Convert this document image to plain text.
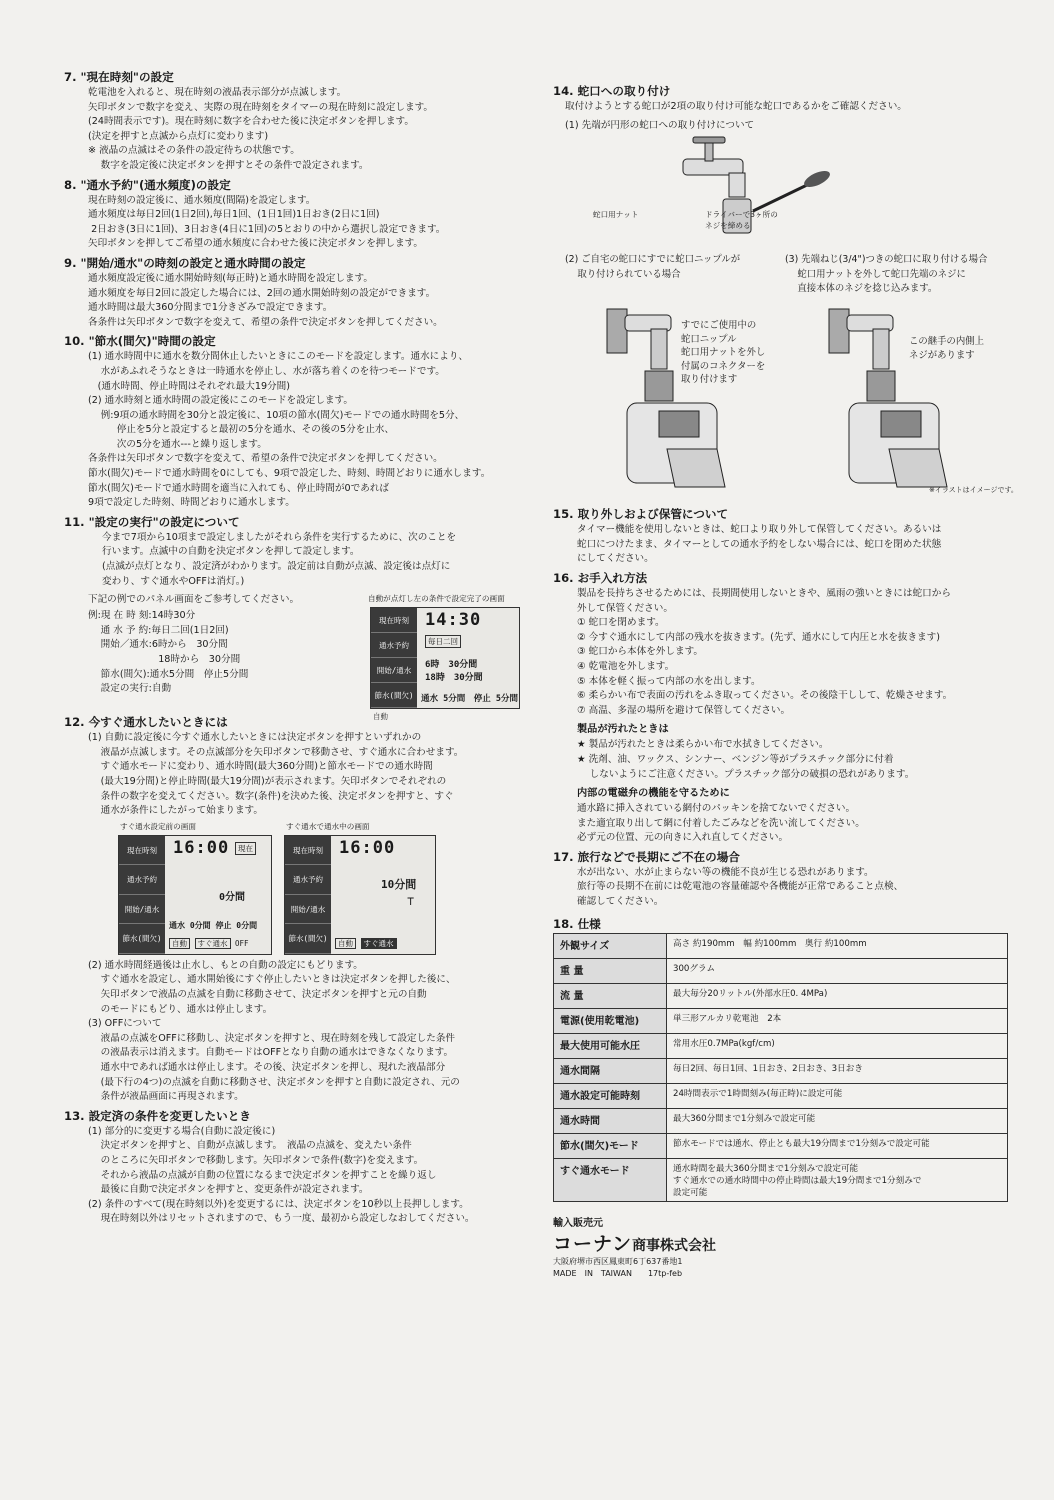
7. "現在時刻"の設定
乾電池を入れると、現在時刻の液晶表示部分が点滅します。
矢印ボタンで数字を変え、実際の現在時刻をタイマーの現在時刻に設定します。
(24時間表示です)。現在時刻に数字を合わせた後に決定ボタンを押します。
(決定を押すと点滅から点灯に変わります)
※ 液晶の点滅はその条件の設定待ちの状態です。
　 数字を設定後に決定ボタンを押すとその条件で設定されます。
8. "通水予約"(通水頻度)の設定
現在時刻の設定後に、通水頻度(間隔)を設定します。
通水頻度は毎日2回(1日2回),毎日1回、(1日1回)1日おき(2日に1回)
2日おき(3日に1回)、3日おき(4日に1回)の5とおりの中から選択し設定できます。
矢印ボタンを押してご希望の通水頻度に合わせた後に決定ボタンを押します。
9. "開始/通水"の時刻の設定と通水時間の設定
通水頻度設定後に通水開始時刻(毎正時)と通水時間を設定します。
通水頻度を毎日2回に設定した場合には、2回の通水開始時刻の設定ができます。
通水時間は最大360分間まで1分きざみで設定できます。
各条件は矢印ボタンで数字を変えて、希望の条件で決定ボタンを押してください。
10. "節水(間欠)"時間の設定
(1) 通水時間中に通水を数分間休止したいときにこのモードを設定します。通水により、
　 水があふれそうなときは一時通水を停止し、水が落ち着くのを待つモードです。
　(通水時間、停止時間はそれぞれ最大19分間)
(2) 通水時刻と通水時間の設定後にこのモードを設定します。
　 例:9項の通水時間を30分と設定後に、10項の節水(間欠)モードでの通水時間を5分、
　　　停止を5分と設定すると最初の5分を通水、その後の5分を止水、
　　　次の5分を通水---と繰り返します。
各条件は矢印ボタンで数字を変えて、希望の条件で決定ボタンを押してください。
節水(間欠)モードで通水時間を0にしても、9項で設定した、時刻、時間どおりに通水します。
節水(間欠)モードで通水時間を適当に入れても、停止時間が0であれば
9項で設定した時刻、時間どおりに通水します。
11. "設定の実行"の設定について
今まで7項から10項まで設定しましたがそれら条件を実行するために、次のことを
行います。点滅中の自動を決定ボタンを押して設定します。
(点滅が点灯となり、設定済がわかります。設定前は自動が点滅、設定後は点灯に
変わり、すぐ通水やOFFは消灯。)
下記の例でのパネル画面をご参考してください。
例:現 在 時 刻:14時30分
　 通 水 予 約:毎日二回(1日2回)
　 開始／通水:6時から　30分間
　　　　　　　 18時から　30分間
　 節水(間欠):通水5分間　停止5分間
　 設定の実行:自動
自動が点灯し左の条件で設定完了の画面
現在時刻
通水予約
開始/通水
節水(間欠)
14:30
毎日二回
6時　30分間
18時　30分間
通水 5分間　停止 5分間
自動
12. 今すぐ通水したいときには
(1) 自動に設定後に今すぐ通水したいときには決定ボタンを押すといずれかの
　 液晶が点滅します。その点滅部分を矢印ボタンで移動させ、すぐ通水に合わせます。
　 すぐ通水モードに変わり、通水時間(最大360分間)と節水モードでの通水時間
　 (最大19分間)と停止時間(最大19分間)が表示されます。矢印ボタンでそれぞれの
　 条件の数字を変えてください。数字(条件)を決めた後、決定ボタンを押すと、すぐ
　 通水が条件にしたがって始まります。
すぐ通水設定前の画面	すぐ通水で通水中の画面
現在時刻
通水予約
開始/通水
節水(間欠)
16:00	現在
0分間
通水 0分間 停止 0分間
自動 すぐ通水 OFF
現在時刻
通水予約
開始/通水
節水(間欠)
16:00
10分間
⊤
自動 すぐ通水
(2) 通水時間経過後は止水し、もとの自動の設定にもどります。
　 すぐ通水を設定し、通水開始後にすぐ停止したいときは決定ボタンを押した後に、
　 矢印ボタンで液晶の点滅を自動に移動させて、決定ボタンを押すと元の自動
　 のモードにもどり、通水は停止します。
(3) OFFについて
　 液晶の点滅をOFFに移動し、決定ボタンを押すと、現在時刻を残して設定した条件
　 の液晶表示は消えます。自動モードはOFFとなり自動の通水はできなくなります。
　 通水中であれば通水は停止します。その後、決定ボタンを押し、現れた液晶部分
　 (最下行の4つ)の点滅を自動に移動させ、決定ボタンを押すと自動に設定され、元の
　 条件が液晶画面に再現されます。
13. 設定済の条件を変更したいとき
(1) 部分的に変更する場合(自動に設定後に)
　 決定ボタンを押すと、自動が点滅します。　液晶の点滅を、変えたい条件
　 のところに矢印ボタンで移動します。矢印ボタンで条件(数字)を変えます。
　 それから液晶の点滅が自動の位置になるまで決定ボタンを押すことを繰り返し
　 最後に自動で決定ボタンを押すと、変更条件が設定されます。
(2) 条件のすべて(現在時刻以外)を変更するには、決定ボタンを10秒以上長押しします。
　 現在時刻以外はリセットされますので、もう一度、最初から設定しなおしてください。
14. 蛇口への取り付け
取付けようとする蛇口が2項の取り付け可能な蛇口であるかをご確認ください。
(1) 先端が円形の蛇口への取り付けについて
蛇口用ナット	ドライバーで3ヶ所の
ネジを締める
(2) ご自宅の蛇口にすでに蛇口ニップルが
　 取り付けられている場合
(3) 先端ねじ(3/4")つきの蛇口に取り付ける場合
　 蛇口用ナットを外して蛇口先端のネジに
　 直接本体のネジを捻じ込みます。
すでにご使用中の
蛇口ニップル
蛇口用ナットを外し
付属のコネクターを
取り付けます
この継手の内側上
ネジがあります
※イラストはイメージです。
15. 取り外しおよび保管について
タイマー機能を使用しないときは、蛇口より取り外して保管してください。あるいは
蛇口につけたまま、タイマーとしての通水予約をしない場合には、蛇口を閉めた状態
にしてください。
16. お手入れ方法
製品を長持ちさせるためには、長期間使用しないときや、風雨の強いときには蛇口から
外して保管ください。
① 蛇口を閉めます。
② 今すぐ通水にして内部の残水を抜きます。(先ず、通水にして内圧と水を抜きます)
③ 蛇口から本体を外します。
④ 乾電池を外します。
⑤ 本体を軽く振って内部の水を出します。
⑥ 柔らかい布で表面の汚れをふき取ってください。その後陰干しして、乾燥させます。
⑦ 高温、多湿の場所を避けて保管してください。
製品が汚れたときは
★ 製品が汚れたときは柔らかい布で水拭きしてください。
★ 洗剤、油、ワックス、シンナー、ベンジン等がプラスチック部分に付着
　 しないようにご注意ください。プラスチック部分の破損の恐れがあります。
内部の電磁弁の機能を守るために
通水路に挿入されている網付のパッキンを捨てないでください。
また適宜取り出して網に付着したごみなどを洗い流してください。
必ず元の位置、元の向きに入れ直してください。
17. 旅行などで長期にご不在の場合
水が出ない、水が止まらない等の機能不良が生じる恐れがあります。
旅行等の長期不在前には乾電池の容量確認や各機能が正常であること点検、
確認してください。
18. 仕様
外観サイズ	高さ 約190mm　幅 約100mm　奥行 約100mm
重 量	300グラム
流 量	最大毎分20リットル(外部水圧0. 4MPa)
電源(使用乾電池)	単三形アルカリ乾電池　2本
最大使用可能水圧	常用水圧0.7MPa(kgf/cm)
通水間隔	毎日2回、毎日1回、1日おき、2日おき、3日おき
通水設定可能時刻	24時間表示で1時間刻み(毎正時)に設定可能
通水時間	最大360分間まで1分刻みで設定可能
節水(間欠)モード	節水モードでは通水、停止とも最大19分間まで1分刻みで設定可能
すぐ通水モード	通水時間を最大360分間まで1分刻みで設定可能
すぐ通水での通水時間中の停止時間は最大19分間まで1分刻みで
設定可能
輸入販売元
コーナン商事株式会社
大阪府堺市西区鳳東町6丁637番地1
MADE　IN　TAIWAN　　17tp-feb
